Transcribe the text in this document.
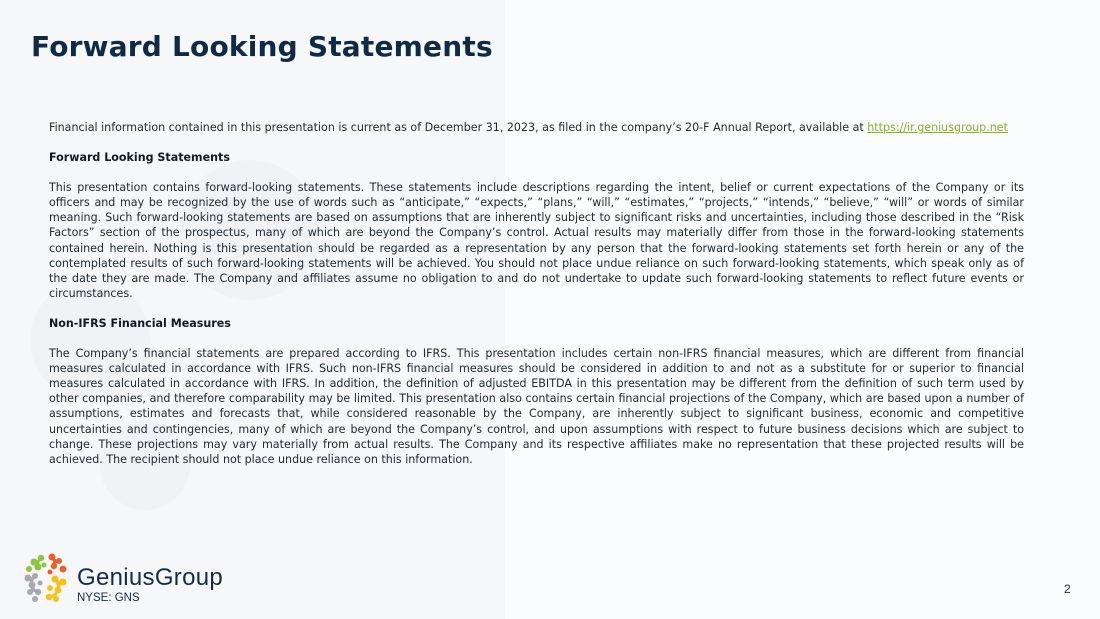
Forward Looking Statements

Financial information contained in this presentation is current as of December 31, 2023, as filed in the company’s 20-F Annual Report, available at https://ir.geniusgroup.net

Forward Looking Statements

This presentation contains forward-looking statements. These statements include descriptions regarding the intent, belief or current expectations of the Company or its officers and may be recognized by the use of words such as “anticipate,” “expects,” “plans,” “will,” “estimates,” “projects,” “intends,” “believe,” “will” or words of similar meaning. Such forward-looking statements are based on assumptions that are inherently subject to significant risks and uncertainties, including those described in the “Risk Factors” section of the prospectus, many of which are beyond the Company’s control. Actual results may materially differ from those in the forward-looking statements contained herein. Nothing is this presentation should be regarded as a representation by any person that the forward-looking statements set forth herein or any of the contemplated results of such forward-looking statements will be achieved. You should not place undue reliance on such forward-looking statements, which speak only as of the date they are made. The Company and affiliates assume no obligation to and do not undertake to update such forward-looking statements to reflect future events or circumstances.

Non-IFRS Financial Measures

The Company’s financial statements are prepared according to IFRS. This presentation includes certain non-IFRS financial measures, which are different from financial measures calculated in accordance with IFRS. Such non-IFRS financial measures should be considered in addition to and not as a substitute for or superior to financial measures calculated in accordance with IFRS. In addition, the definition of adjusted EBITDA in this presentation may be different from the definition of such term used by other companies, and therefore comparability may be limited. This presentation also contains certain financial projections of the Company, which are based upon a number of assumptions, estimates and forecasts that, while considered reasonable by the Company, are inherently subject to significant business, economic and competitive uncertainties and contingencies, many of which are beyond the Company’s control, and upon assumptions with respect to future business decisions which are subject to change. These projections may vary materially from actual results. The Company and its respective affiliates make no representation that these projected results will be achieved. The recipient should not place undue reliance on this information.

GeniusGroup
NYSE: GNS
2
